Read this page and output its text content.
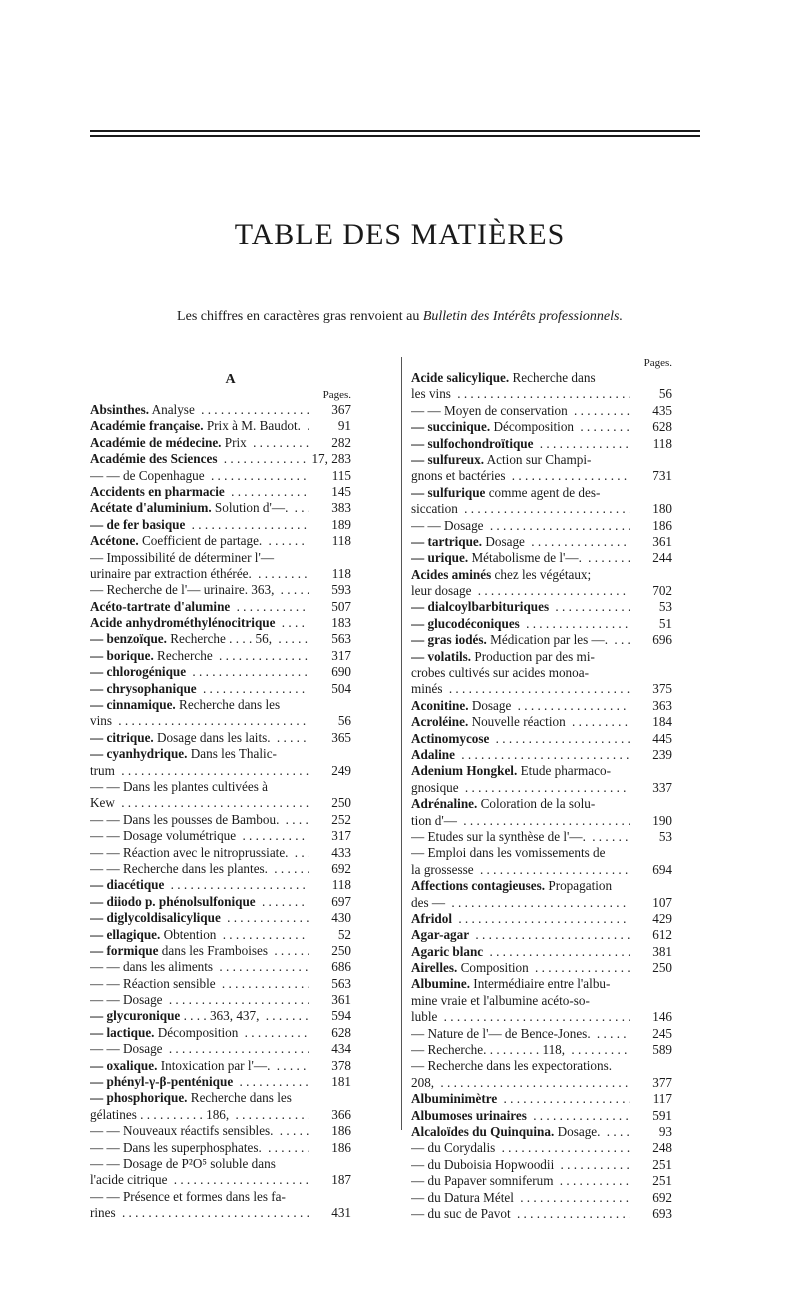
TABLE DES MATIÈRES

Les chiffres en caractères gras renvoient au Bulletin des Intérêts professionnels.

A
Pages.
Absinthes. Analyse . . .	367
Académie française. Prix à M. Baudot. . . .	91
Académie de médecine. Prix . . .	282
Académie des Sciences . . .	17, 283
— — de Copenhague . . .	115
Accidents en pharmacie . . .	145
Acétate d'aluminium. Solution d'—. . . .	383
— de fer basique . . .	189
Acétone. Coefficient de partage. . . .	118
— Impossibilité de déterminer l'—
urinaire par extraction éthérée. . . .	118
— Recherche de l'— urinaire. 363, . . .	593
Acéto-tartrate d'alumine . . .	507
Acide anhydrométhylénocitrique . . .	183
— benzoïque. Recherche . . . . 56, . . .	563
— borique. Recherche . . .	317
— chlorogénique . . .	690
— chrysophanique . . .	504
— cinnamique. Recherche dans les
vins . . .	56
— citrique. Dosage dans les laits. . . .	365
— cyanhydrique. Dans les Thalic-
trum . . .	249
— — Dans les plantes cultivées à
Kew . . .	250
— — Dans les pousses de Bambou. . . .	252
— — Dosage volumétrique . . .	317
— — Réaction avec le nitroprussiate. . . .	433
— — Recherche dans les plantes. . . .	692
— diacétique . . .	118
— diiodo p. phénolsulfonique . . .	697
— diglycoldisalicylique . . .	430
— ellagique. Obtention . . .	52
— formique dans les Framboises . . .	250
— — dans les aliments . . .	686
— — Réaction sensible . . .	563
— — Dosage . . .	361
— glycuronique . . . . 363, 437, . . .	594
— lactique. Décomposition . . .	628
— — Dosage . . .	434
— oxalique. Intoxication par l'—. . . .	378
— phényl-γ-β-penténique . . .	181
— phosphorique. Recherche dans les
gélatines . . . . . . . . . . 186, . . .	366
— — Nouveaux réactifs sensibles. . . .	186
— — Dans les superphosphates. . . .	186
— — Dosage de P²O⁵ soluble dans
l'acide citrique . . .	187
— — Présence et formes dans les fa-
rines . . .	431
Pages.
Acide salicylique. Recherche dans
les vins . . .	56
— — Moyen de conservation . . .	435
— succinique. Décomposition . . .	628
— sulfochondroïtique . . .	118
— sulfureux. Action sur Champi-
gnons et bactéries . . .	731
— sulfurique comme agent de des-
siccation . . .	180
— — Dosage . . .	186
— tartrique. Dosage . . .	361
— urique. Métabolisme de l'—. . . .	244
Acides aminés chez les végétaux;
leur dosage . . .	702
— dialcoylbarbituriques . . .	53
— glucodéconiques . . .	51
— gras iodés. Médication par les —. . . .	696
— volatils. Production par des mi-
crobes cultivés sur acides monoa-
minés . . .	375
Aconitine. Dosage . . .	363
Acroléine. Nouvelle réaction . . .	184
Actinomycose . . .	445
Adaline . . .	239
Adenium Hongkel. Etude pharmaco-
gnosique . . .	337
Adrénaline. Coloration de la solu-
tion d'— . . .	190
— Etudes sur la synthèse de l'—. . . .	53
— Emploi dans les vomissements de
la grossesse . . .	694
Affections contagieuses. Propagation
des — . . .	107
Afridol . . .	429
Agar-agar . . .	612
Agaric blanc . . .	381
Airelles. Composition . . .	250
Albumine. Intermédiaire entre l'albu-
mine vraie et l'albumine acéto-so-
luble . . .	146
— Nature de l'— de Bence-Jones. . . .	245
— Recherche. . . . . . . . . 118, . . .	589
— Recherche dans les expectorations.
208, . . .	377
Albuminimètre . . .	117
Albumoses urinaires . . .	591
Alcaloïdes du Quinquina. Dosage. . . .	93
— du Corydalis . . .	248
— du Duboisia Hopwoodii . . .	251
— du Papaver somniferum . . .	251
— du Datura Métel . . .	692
— du suc de Pavot . . .	693
